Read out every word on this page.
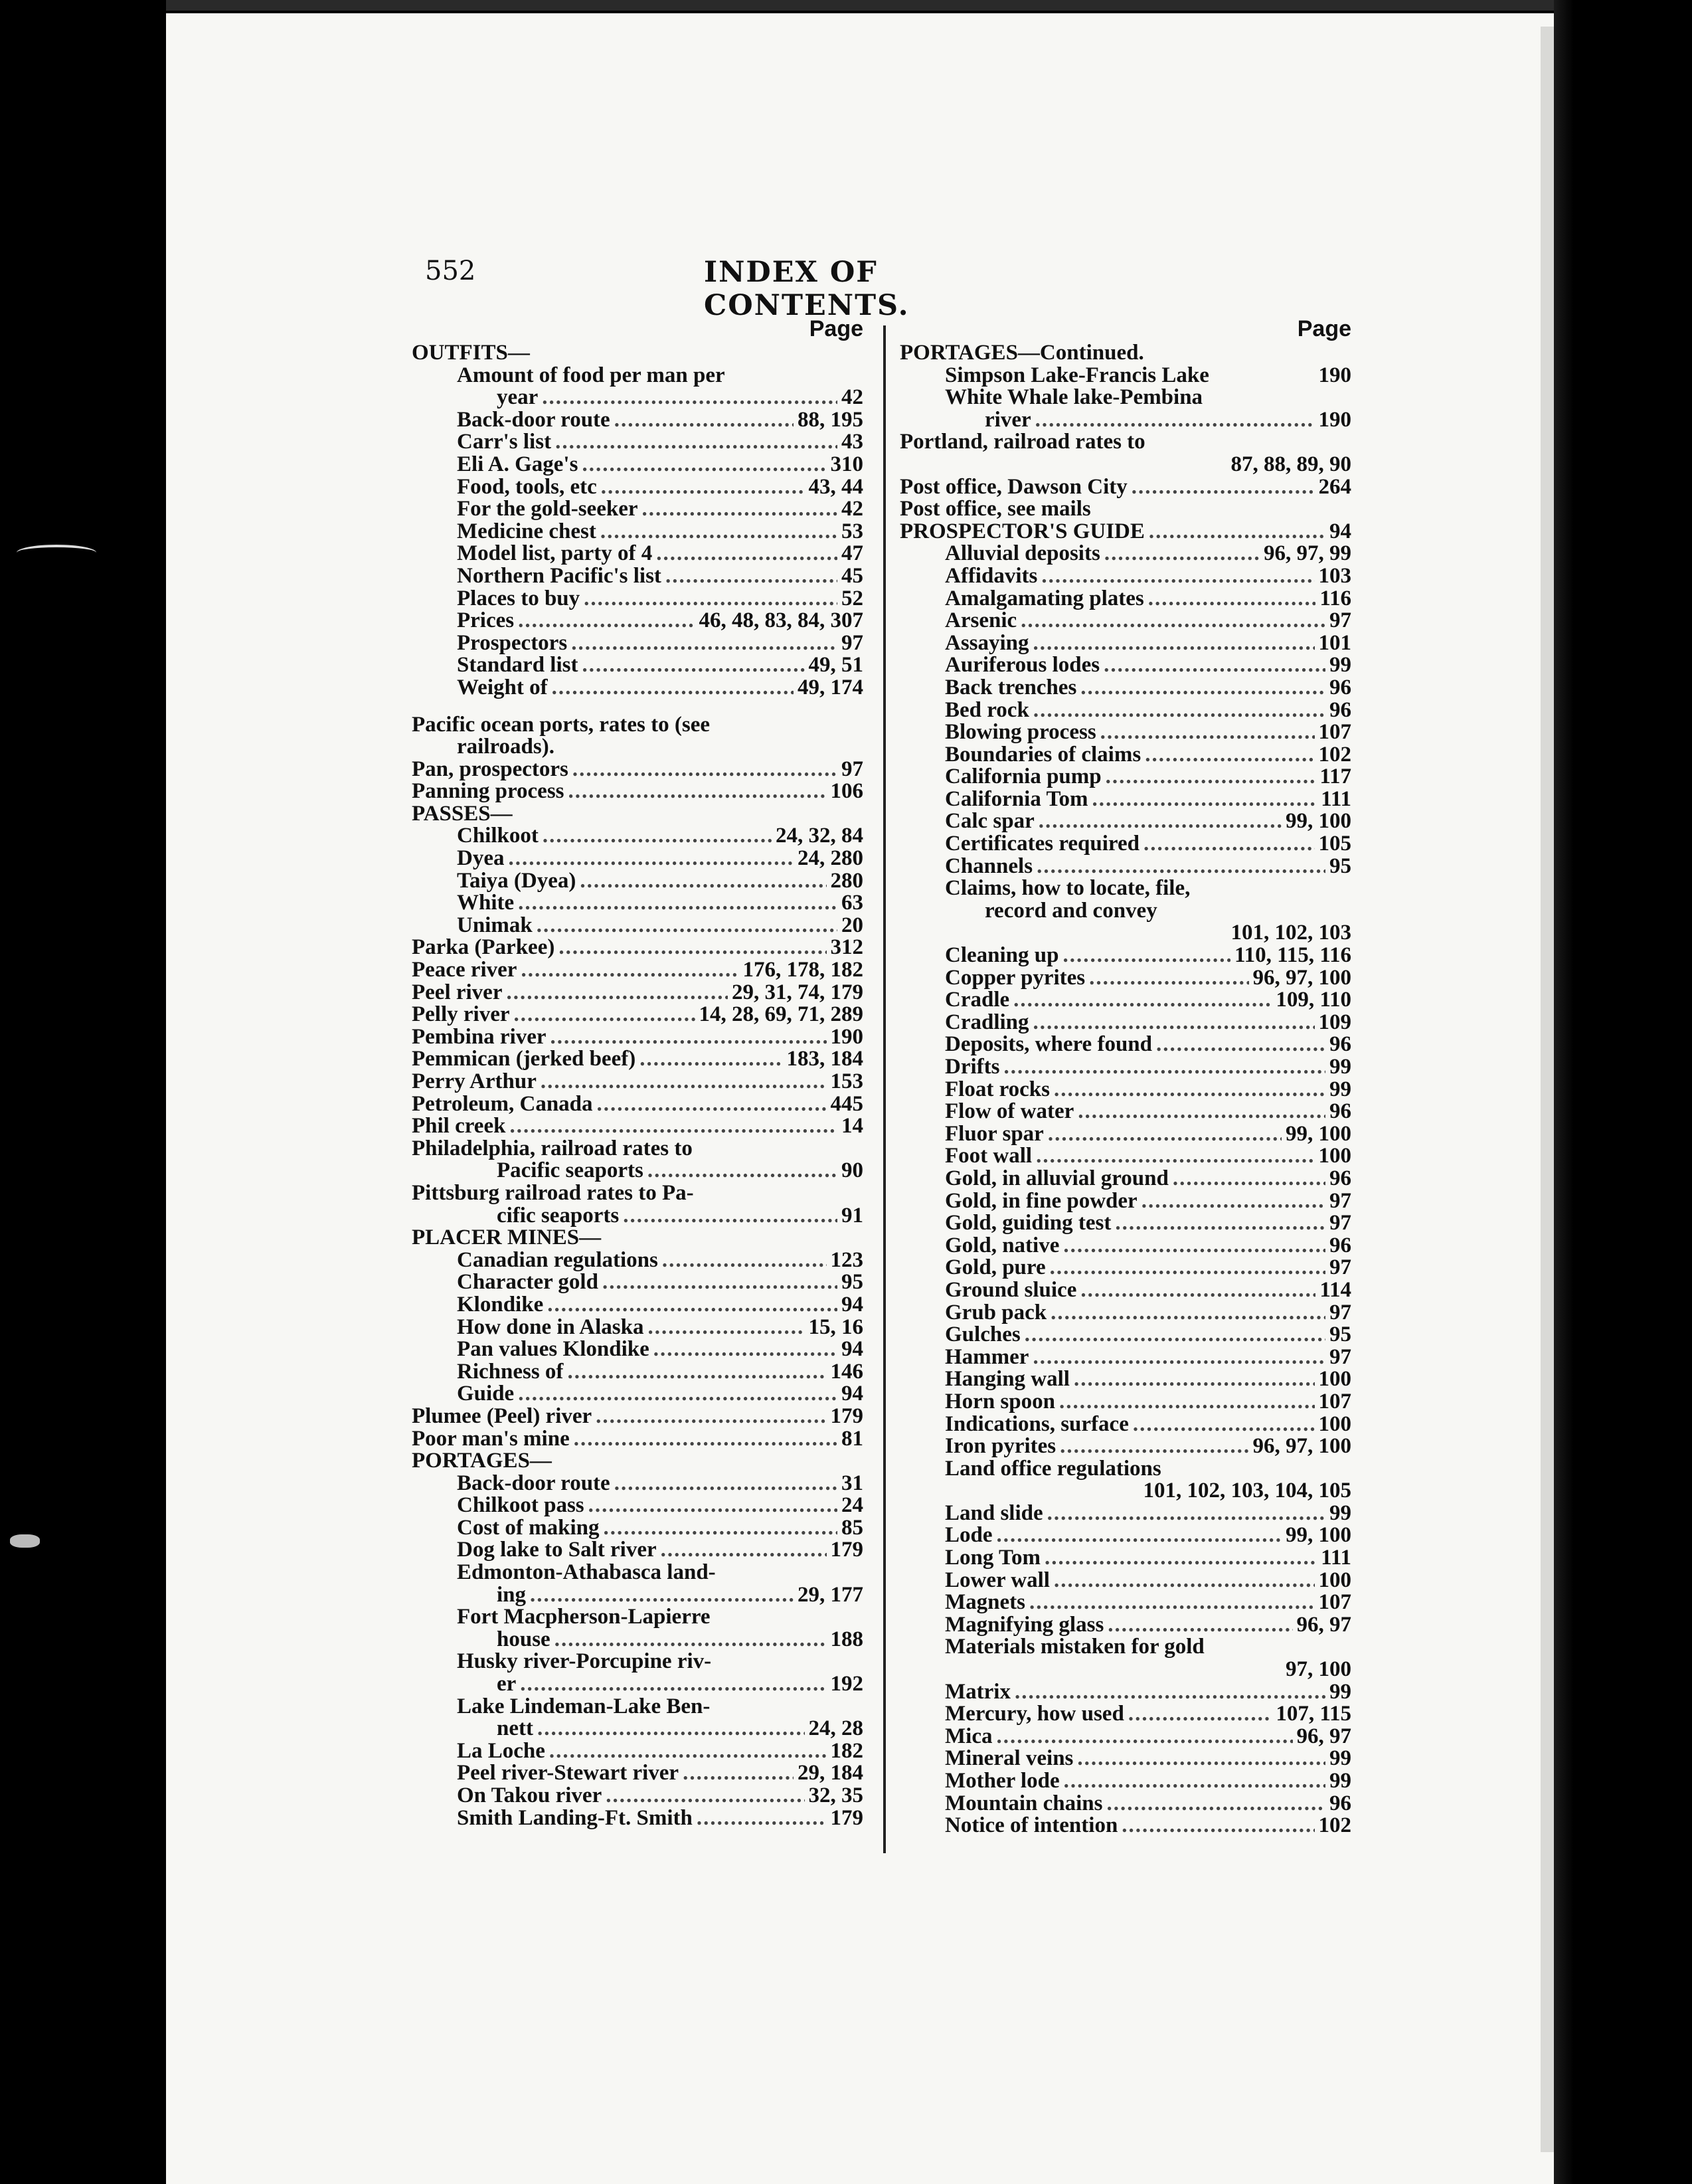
552	INDEX OF CONTENTS.
Page
OUTFITS—
Amount of food per man per
year .....	42
Back-door route .....	88, 195
Carr's list .....	43
Eli A. Gage's .....	310
Food, tools, etc .....	43, 44
For the gold-seeker .....	42
Medicine chest .....	53
Model list, party of 4 .....	47
Northern Pacific's list .....	45
Places to buy .....	52
Prices .....	46, 48, 83, 84, 307
Prospectors .....	97
Standard list .....	49, 51
Weight of .....	49, 174
Pacific ocean ports, rates to (see
railroads).
Pan, prospectors .....	97
Panning process .....	106
PASSES—
Chilkoot .....	24, 32, 84
Dyea .....	24, 280
Taiya (Dyea) .....	280
White .....	63
Unimak .....	20
Parka (Parkee) .....	312
Peace river .....	176, 178, 182
Peel river .....	29, 31, 74, 179
Pelly river .....	14, 28, 69, 71, 289
Pembina river .....	190
Pemmican (jerked beef) .....	183, 184
Perry Arthur .....	153
Petroleum, Canada .....	445
Phil creek .....	14
Philadelphia, railroad rates to
Pacific seaports .....	90
Pittsburg railroad rates to Pa-
cific seaports .....	91
PLACER MINES—
Canadian regulations .....	123
Character gold .....	95
Klondike .....	94
How done in Alaska .....	15, 16
Pan values Klondike .....	94
Richness of .....	146
Guide .....	94
Plumee (Peel) river .....	179
Poor man's mine .....	81
PORTAGES—
Back-door route .....	31
Chilkoot pass .....	24
Cost of making .....	85
Dog lake to Salt river .....	179
Edmonton-Athabasca land-
ing .....	29, 177
Fort Macpherson-Lapierre
house .....	188
Husky river-Porcupine riv-
er .....	192
Lake Lindeman-Lake Ben-
nett .....	24, 28
La Loche .....	182
Peel river-Stewart river .....	29, 184
On Takou river .....	32, 35
Smith Landing-Ft. Smith .....	179
Page
PORTAGES—Continued.
Simpson Lake-Francis Lake	190
White Whale lake-Pembina
river .....	190
Portland, railroad rates to
87, 88, 89, 90
Post office, Dawson City .....	264
Post office, see mails
PROSPECTOR'S GUIDE .....	94
Alluvial deposits .....	96, 97, 99
Affidavits .....	103
Amalgamating plates .....	116
Arsenic .....	97
Assaying .....	101
Auriferous lodes .....	99
Back trenches .....	96
Bed rock .....	96
Blowing process .....	107
Boundaries of claims .....	102
California pump .....	117
California Tom .....	111
Calc spar .....	99, 100
Certificates required .....	105
Channels .....	95
Claims, how to locate, file,
record and convey
101, 102, 103
Cleaning up .....	110, 115, 116
Copper pyrites .....	96, 97, 100
Cradle .....	109, 110
Cradling .....	109
Deposits, where found .....	96
Drifts .....	99
Float rocks .....	99
Flow of water .....	96
Fluor spar .....	99, 100
Foot wall .....	100
Gold, in alluvial ground .....	96
Gold, in fine powder .....	97
Gold, guiding test .....	97
Gold, native .....	96
Gold, pure .....	97
Ground sluice .....	114
Grub pack .....	97
Gulches .....	95
Hammer .....	97
Hanging wall .....	100
Horn spoon .....	107
Indications, surface .....	100
Iron pyrites .....	96, 97, 100
Land office regulations
101, 102, 103, 104, 105
Land slide .....	99
Lode .....	99, 100
Long Tom .....	111
Lower wall .....	100
Magnets .....	107
Magnifying glass .....	96, 97
Materials mistaken for gold
97, 100
Matrix .....	99
Mercury, how used .....	107, 115
Mica .....	96, 97
Mineral veins .....	99
Mother lode .....	99
Mountain chains .....	96
Notice of intention .....	102
